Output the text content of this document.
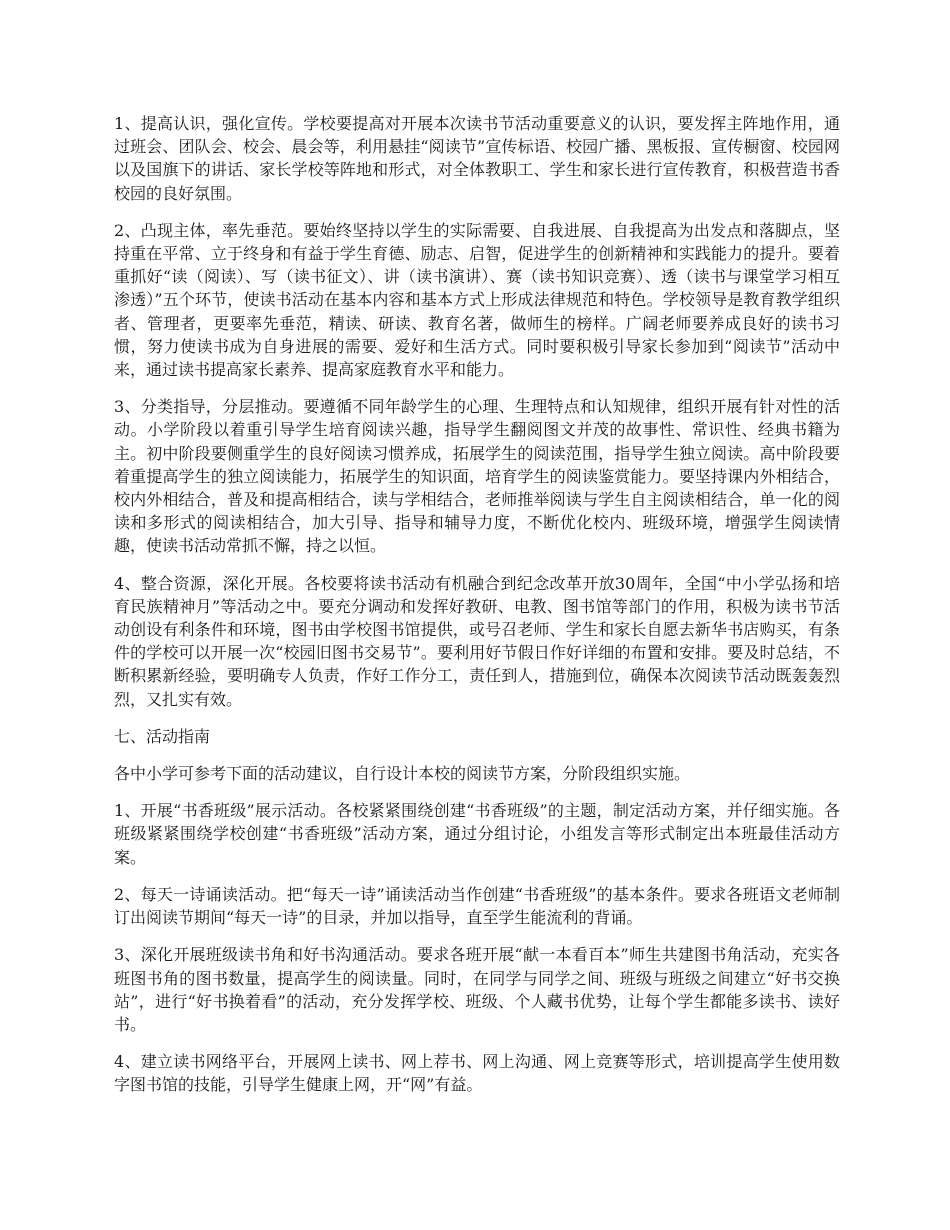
1、提高认识，强化宣传。学校要提高对开展本次读书节活动重要意义的认识，要发挥主阵地作用，通过班会、团队会、校会、晨会等，利用悬挂“阅读节”宣传标语、校园广播、黑板报、宣传橱窗、校园网以及国旗下的讲话、家长学校等阵地和形式，对全体教职工、学生和家长进行宣传教育，积极营造书香校园的良好氛围。

2、凸现主体，率先垂范。要始终坚持以学生的实际需要、自我进展、自我提高为出发点和落脚点，坚持重在平常、立于终身和有益于学生育德、励志、启智，促进学生的创新精神和实践能力的提升。要着重抓好“读（阅读）、写（读书征文）、讲（读书演讲）、赛（读书知识竞赛）、透（读书与课堂学习相互渗透）”五个环节，使读书活动在基本内容和基本方式上形成法律规范和特色。学校领导是教育教学组织者、管理者，更要率先垂范，精读、研读、教育名著，做师生的榜样。广阔老师要养成良好的读书习惯，努力使读书成为自身进展的需要、爱好和生活方式。同时要积极引导家长参加到“阅读节”活动中来，通过读书提高家长素养、提高家庭教育水平和能力。

3、分类指导，分层推动。要遵循不同年龄学生的心理、生理特点和认知规律，组织开展有针对性的活动。小学阶段以着重引导学生培育阅读兴趣，指导学生翻阅图文并茂的故事性、常识性、经典书籍为主。初中阶段要侧重学生的良好阅读习惯养成，拓展学生的阅读范围，指导学生独立阅读。高中阶段要着重提高学生的独立阅读能力，拓展学生的知识面，培育学生的阅读鉴赏能力。要坚持课内外相结合，校内外相结合，普及和提高相结合，读与学相结合，老师推举阅读与学生自主阅读相结合，单一化的阅读和多形式的阅读相结合，加大引导、指导和辅导力度，不断优化校内、班级环境，增强学生阅读情趣，使读书活动常抓不懈，持之以恒。

4、整合资源，深化开展。各校要将读书活动有机融合到纪念改革开放30周年，全国“中小学弘扬和培育民族精神月”等活动之中。要充分调动和发挥好教研、电教、图书馆等部门的作用，积极为读书节活动创设有利条件和环境，图书由学校图书馆提供，或号召老师、学生和家长自愿去新华书店购买，有条件的学校可以开展一次“校园旧图书交易节”。要利用好节假日作好详细的布置和安排。要及时总结，不断积累新经验，要明确专人负责，作好工作分工，责任到人，措施到位，确保本次阅读节活动既轰轰烈烈，又扎实有效。

七、活动指南

各中小学可参考下面的活动建议，自行设计本校的阅读节方案，分阶段组织实施。

1、开展“书香班级”展示活动。各校紧紧围绕创建“书香班级”的主题，制定活动方案，并仔细实施。各班级紧紧围绕学校创建“书香班级”活动方案，通过分组讨论，小组发言等形式制定出本班最佳活动方案。

2、每天一诗诵读活动。把“每天一诗”诵读活动当作创建“书香班级”的基本条件。要求各班语文老师制订出阅读节期间“每天一诗”的目录，并加以指导，直至学生能流利的背诵。

3、深化开展班级读书角和好书沟通活动。要求各班开展“献一本看百本”师生共建图书角活动，充实各班图书角的图书数量，提高学生的阅读量。同时，在同学与同学之间、班级与班级之间建立“好书交换站”，进行“好书换着看”的活动，充分发挥学校、班级、个人藏书优势，让每个学生都能多读书、读好书。

4、建立读书网络平台，开展网上读书、网上荐书、网上沟通、网上竞赛等形式，培训提高学生使用数字图书馆的技能，引导学生健康上网，开“网”有益。
